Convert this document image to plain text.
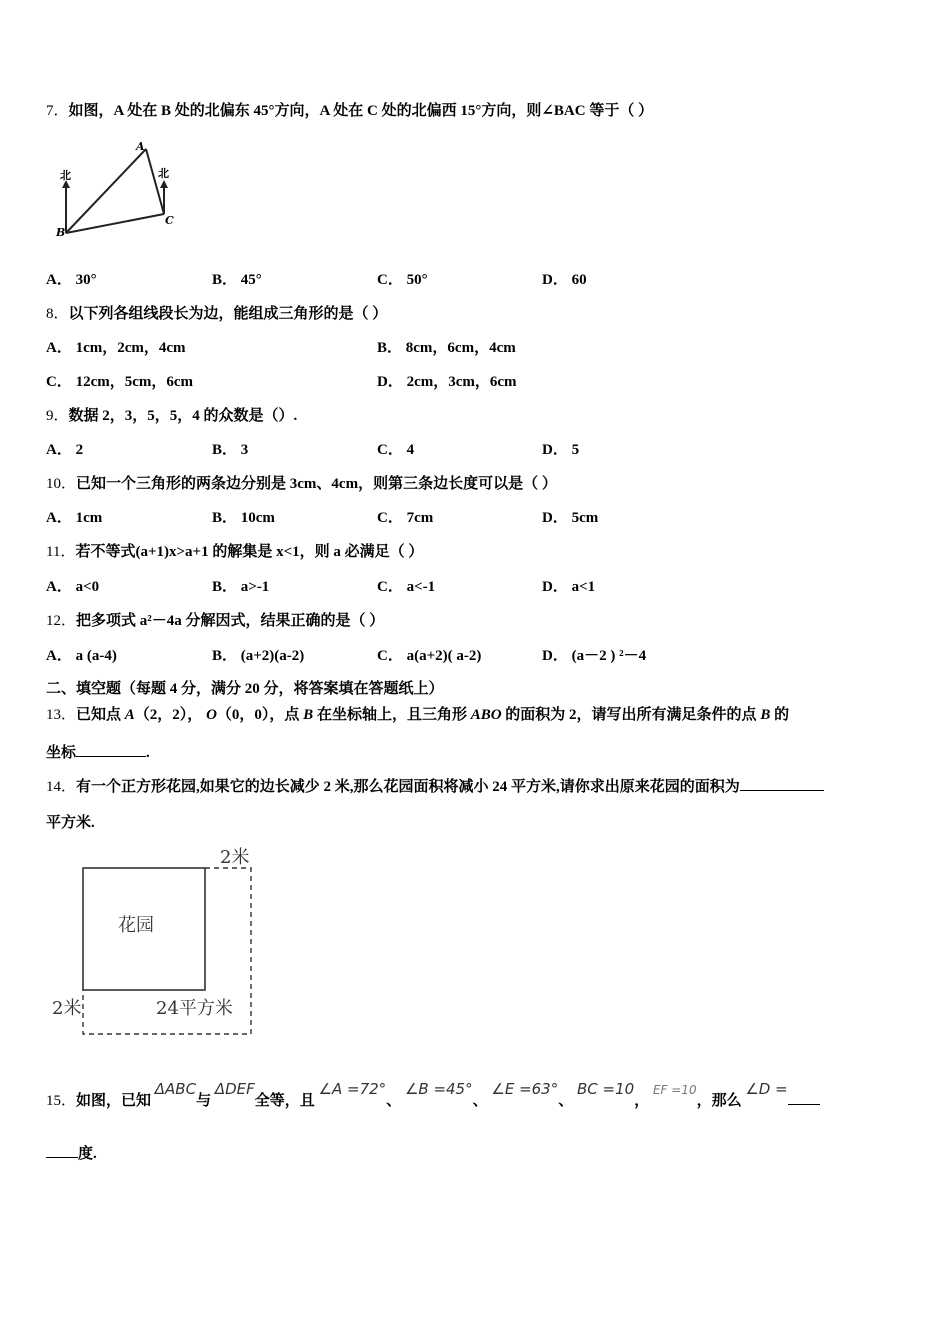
7．如图，A 处在 B 处的北偏东 45°方向，A 处在 C 处的北偏西 15°方向，则∠BAC 等于（ ）
北	北
A
B
C
A． 30°	B． 45°	C． 50°	D． 60
8．以下列各组线段长为边，能组成三角形的是（ ）
A． 1cm，2cm，4cm	B． 8cm，6cm，4cm
C． 12cm，5cm，6cm	D． 2cm，3cm，6cm
9．数据 2，3，5，5，4 的众数是（）.
A． 2	B． 3	C． 4	D． 5
10．已知一个三角形的两条边分别是 3cm、4cm，则第三条边长度可以是（ ）
A． 1cm	B． 10cm	C． 7cm	D． 5cm
11．若不等式(a+1)x>a+1 的解集是 x<1，则 a 必满足（ ）
A． a<0	B． a>-1	C． a<-1	D． a<1
12．把多项式 a²－4a 分解因式，结果正确的是（ ）
A． a (a-4)	B． (a+2)(a-2)	C． a(a+2)( a-2)	D． (a－2 ) ²－4
二、填空题（每题 4 分，满分 20 分，将答案填在答题纸上）
13．已知点 A（2，2）， O（0，0），点 B 在坐标轴上，且三角形 ABO 的面积为 2，请写出所有满足条件的点 B 的
坐标	.
14．有一个正方形花园,如果它的边长减少 2 米,那么花园面积将减小 24 平方米,请你求出原来花园的面积为
平方米.
花园
2米
2米	24平方米
15．如图，已知 ΔABC与 ΔDEF全等，且 ∠A =72°、 ∠B =45°、 ∠E =63°、 BC =10， $^{EF =10}$，那么 ∠D =
度.
